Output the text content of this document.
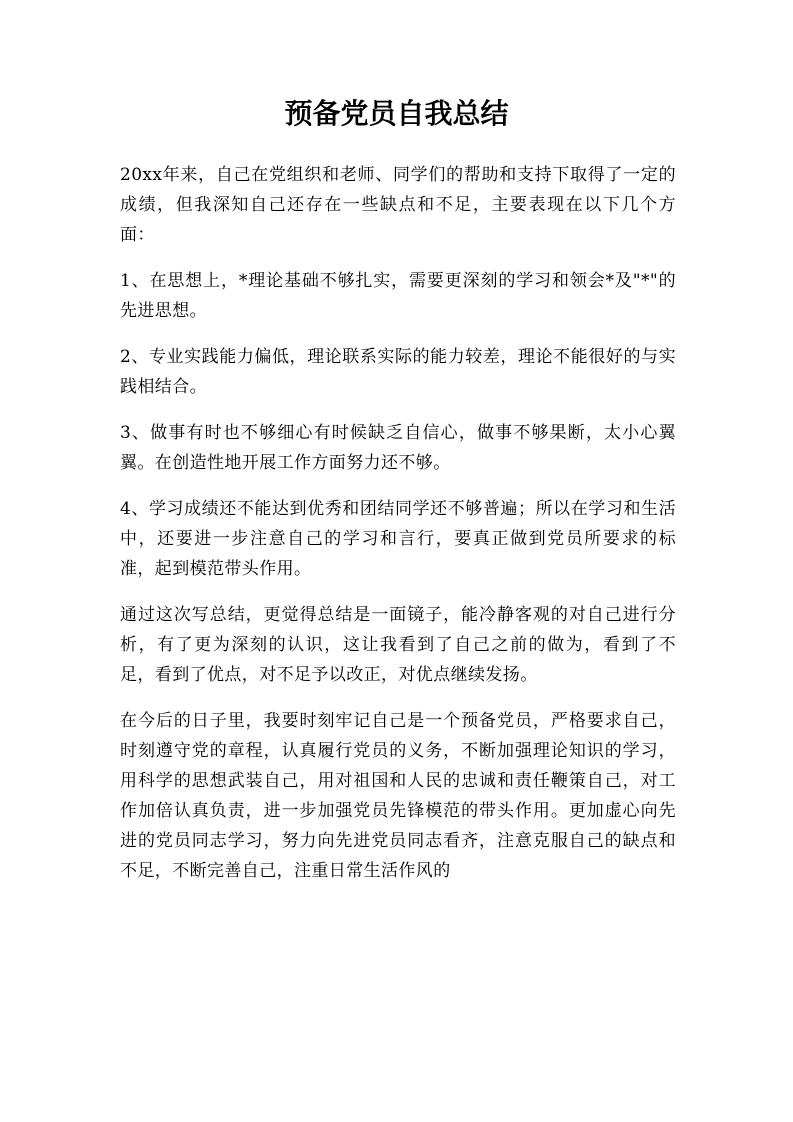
预备党员自我总结

20xx年来，自己在党组织和老师、同学们的帮助和支持下取得了一定的成绩，但我深知自己还存在一些缺点和不足，主要表现在以下几个方面：

1、在思想上，*理论基础不够扎实，需要更深刻的学习和领会*及"*"的先进思想。

2、专业实践能力偏低，理论联系实际的能力较差，理论不能很好的与实践相结合。

3、做事有时也不够细心有时候缺乏自信心，做事不够果断，太小心翼翼。在创造性地开展工作方面努力还不够。

4、学习成绩还不能达到优秀和团结同学还不够普遍；所以在学习和生活中，还要进一步注意自己的学习和言行，要真正做到党员所要求的标准，起到模范带头作用。

通过这次写总结，更觉得总结是一面镜子，能冷静客观的对自己进行分析，有了更为深刻的认识，这让我看到了自己之前的做为，看到了不足，看到了优点，对不足予以改正，对优点继续发扬。

在今后的日子里，我要时刻牢记自己是一个预备党员，严格要求自己，时刻遵守党的章程，认真履行党员的义务，不断加强理论知识的学习，用科学的思想武装自己，用对祖国和人民的忠诚和责任鞭策自己，对工作加倍认真负责，进一步加强党员先锋模范的带头作用。更加虚心向先进的党员同志学习，努力向先进党员同志看齐，注意克服自己的缺点和不足，不断完善自己，注重日常生活作风的
